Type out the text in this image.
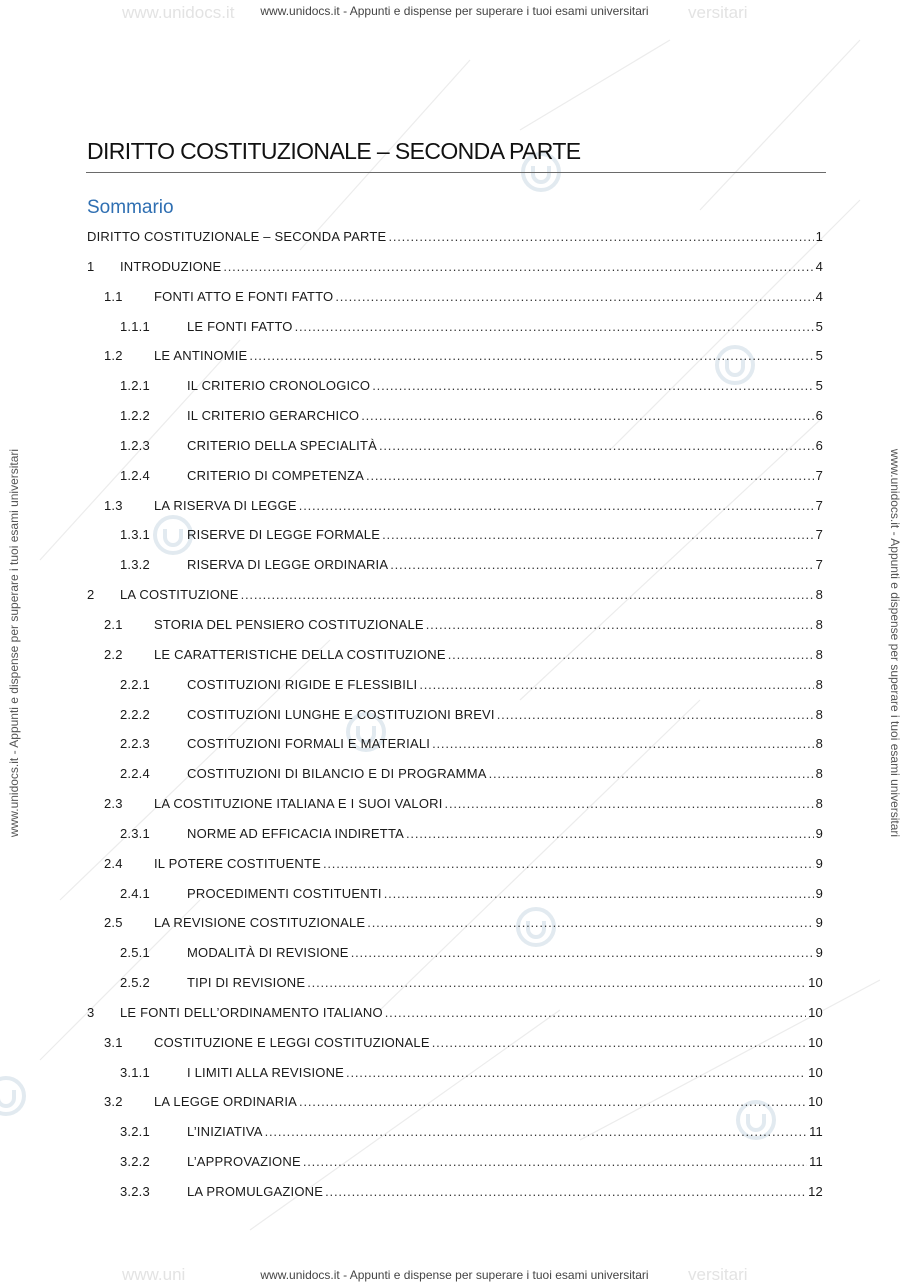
www.unidocs.it	versitari
www.uni	versitari
www.unidocs.it - Appunti e dispense per superare i tuoi esami universitari
www.unidocs.it - Appunti e dispense per superare i tuoi esami universitari
www.unidocs.it - Appunti e dispense per superare i tuoi esami universitari	www.unidocs.it - Appunti e dispense per superare i tuoi esami universitari
DIRITTO COSTITUZIONALE – SECONDA PARTE
Sommario
DIRITTO COSTITUZIONALE – SECONDA PARTE .....	1
1	INTRODUZIONE .....	4
1.1	FONTI ATTO E FONTI FATTO .....	4
1.1.1	LE FONTI FATTO .....	5
1.2	LE ANTINOMIE .....	5
1.2.1	IL CRITERIO CRONOLOGICO .....	5
1.2.2	IL CRITERIO GERARCHICO .....	6
1.2.3	CRITERIO DELLA SPECIALITÀ .....	6
1.2.4	CRITERIO DI COMPETENZA .....	7
1.3	LA RISERVA DI LEGGE .....	7
1.3.1	RISERVE DI LEGGE FORMALE .....	7
1.3.2	RISERVA DI LEGGE ORDINARIA .....	7
2	LA COSTITUZIONE .....	8
2.1	STORIA DEL PENSIERO COSTITUZIONALE .....	8
2.2	LE CARATTERISTICHE DELLA COSTITUZIONE .....	8
2.2.1	COSTITUZIONI RIGIDE E FLESSIBILI .....	8
2.2.2	COSTITUZIONI LUNGHE E COSTITUZIONI BREVI .....	8
2.2.3	COSTITUZIONI FORMALI E MATERIALI .....	8
2.2.4	COSTITUZIONI DI BILANCIO E DI PROGRAMMA .....	8
2.3	LA COSTITUZIONE ITALIANA E I SUOI VALORI .....	8
2.3.1	NORME AD EFFICACIA INDIRETTA .....	9
2.4	IL POTERE COSTITUENTE .....	9
2.4.1	PROCEDIMENTI COSTITUENTI .....	9
2.5	LA REVISIONE COSTITUZIONALE .....	9
2.5.1	MODALITÀ DI REVISIONE .....	9
2.5.2	TIPI DI REVISIONE .....	10
3	LE FONTI DELL’ORDINAMENTO ITALIANO .....	10
3.1	COSTITUZIONE E LEGGI COSTITUZIONALE .....	10
3.1.1	I LIMITI ALLA REVISIONE .....	10
3.2	LA LEGGE ORDINARIA .....	10
3.2.1	L’INIZIATIVA .....	11
3.2.2	L’APPROVAZIONE .....	11
3.2.3	LA PROMULGAZIONE .....	12
